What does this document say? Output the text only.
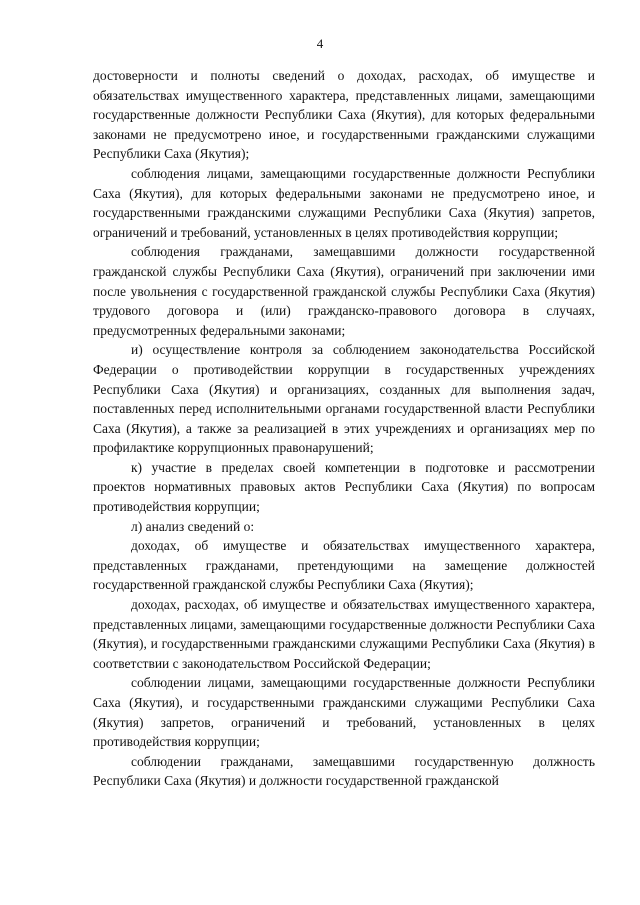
4

достоверности и полноты сведений о доходах, расходах, об имуществе и обязательствах имущественного характера, представленных лицами, замещающими государственные должности Республики Саха (Якутия), для которых федеральными законами не предусмотрено иное, и государственными гражданскими служащими Республики Саха (Якутия);

соблюдения лицами, замещающими государственные должности Республики Саха (Якутия), для которых федеральными законами не предусмотрено иное, и государственными гражданскими служащими Республики Саха (Якутия) запретов, ограничений и требований, установленных в целях противодействия коррупции;

соблюдения гражданами, замещавшими должности государственной гражданской службы Республики Саха (Якутия), ограничений при заключении ими после увольнения с государственной гражданской службы Республики Саха (Якутия) трудового договора и (или) гражданско-правового договора в случаях, предусмотренных федеральными законами;

и) осуществление контроля за соблюдением законодательства Российской Федерации о противодействии коррупции в государственных учреждениях Республики Саха (Якутия) и организациях, созданных для выполнения задач, поставленных перед исполнительными органами государственной власти Республики Саха (Якутия), а также за реализацией в этих учреждениях и организациях мер по профилактике коррупционных правонарушений;

к) участие в пределах своей компетенции в подготовке и рассмотрении проектов нормативных правовых актов Республики Саха (Якутия) по вопросам противодействия коррупции;

л) анализ сведений о:

доходах, об имуществе и обязательствах имущественного характера, представленных гражданами, претендующими на замещение должностей государственной гражданской службы Республики Саха (Якутия);

доходах, расходах, об имуществе и обязательствах имущественного характера, представленных лицами, замещающими государственные должности Республики Саха (Якутия), и государственными гражданскими служащими Республики Саха (Якутия) в соответствии с законодательством Российской Федерации;

соблюдении лицами, замещающими государственные должности Республики Саха (Якутия), и государственными гражданскими служащими Республики Саха (Якутия) запретов, ограничений и требований, установленных в целях противодействия коррупции;

соблюдении гражданами, замещавшими государственную должность Республики Саха (Якутия) и должности государственной гражданской
